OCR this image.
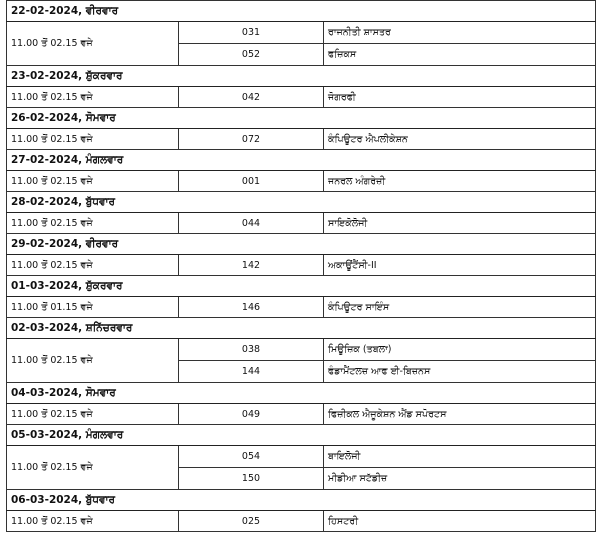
22-02-2024, ਵੀਰਵਾਰ		
11.00 ਤੋਂ 02.15 ਵਜੇ	031	ਰਾਜਨੀਤੀ ਸ਼ਾਸਤਰ
	052	ਫਜ਼ਿਕਸ
23-02-2024, ਸ਼ੁੱਕਰਵਾਰ		
11.00 ਤੋਂ 02.15 ਵਜੇ	042	ਜੋਗਰਫੀ
26-02-2024, ਸੋਮਵਾਰ		
11.00 ਤੋਂ 02.15 ਵਜੇ	072	ਕੰਪਿਊਟਰ ਐਪਲੀਕੇਸ਼ਨ
27-02-2024, ਮੰਗਲਵਾਰ		
11.00 ਤੋਂ 02.15 ਵਜੇ	001	ਜਨਰਲ ਅੰਗਰੇਜ਼ੀ
28-02-2024, ਬੁੱਧਵਾਰ		
11.00 ਤੋਂ 02.15 ਵਜੇ	044	ਸਾਇਕੋਲੋਜੀ
29-02-2024, ਵੀਰਵਾਰ		
11.00 ਤੋਂ 02.15 ਵਜੇ	142	ਅਕਾਊਂਟੈਂਸੀ-II
01-03-2024, ਸ਼ੁੱਕਰਵਾਰ		
11.00 ਤੋਂ 01.15 ਵਜੇ	146	ਕੰਪਿਊਟਰ ਸਾਇੰਸ
02-03-2024, ਸ਼ਨਿੱਚਰਵਾਰ		
11.00 ਤੋਂ 02.15 ਵਜੇ	038	ਮਿਊਜ਼ਿਕ (ਤਬਲਾ)
	144	ਫੰਡਾਮੈਂਟਲਜ਼ ਆਫ ਈ-ਬਿਜ਼ਨਸ
04-03-2024, ਸੋਮਵਾਰ		
11.00 ਤੋਂ 02.15 ਵਜੇ	049	ਫਿਜ਼ੀਕਲ ਐਜੂਕੇਸ਼ਨ ਐਂਡ ਸਪੋਰਟਸ
05-03-2024, ਮੰਗਲਵਾਰ		
11.00 ਤੋਂ 02.15 ਵਜੇ	054	ਬਾਇਲੋਜੀ
	150	ਮੀਡੀਆ ਸਟੱਡੀਜ਼
06-03-2024, ਬੁੱਧਵਾਰ		
11.00 ਤੋਂ 02.15 ਵਜੇ	025	ਹਿਸਟਰੀ
